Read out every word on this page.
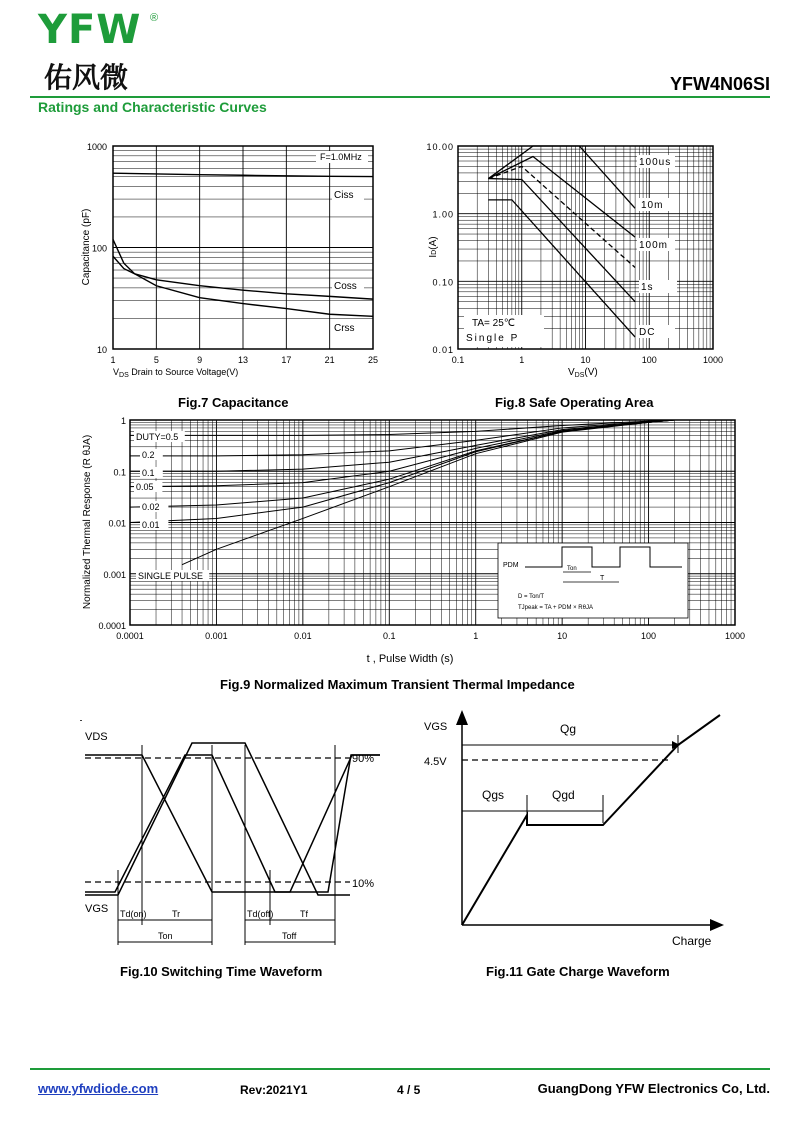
YFW ®
佑风微	YFW4N06SI
Ratings and Characteristic Curves
Capacitance (pF)
$V_{DS}$ Drain to Source Voltage(V)
1000
100
10
1	5	9	13	17	21	25
F=1.0MHz
Ciss
Coss
Crss
Fig.7 Capacitance
ID(A)
$V_{DS}(V)$
10.00
1.00
0.10
0.01
0.1	1	10	100	1000
100us
10m
100m
1s
DC
TA= 25℃
Single P
Fig.8 Safe Operating Area
Normalized Thermal Response (R θJA)
t , Pulse Width (s)
1
0.1
0.01
0.001
0.0001
0.0001	0.001	0.01	0.1	1	10	100	1000
DUTY=0.5
0.2
0.1
0.05
0.02
0.01
SINGLE PULSE
PDM	Ton
T
D = Ton/T
TJpeak = TA + PDM × RθJA
Fig.9 Normalized Maximum Transient Thermal Impedance
VDS
VGS
90%
10%
Td(on)	Tr
Ton
Td(off)	Tf
Toff
Fig.10 Switching Time Waveform
VGS
4.5V
Qg
Qgs	Qgd
Charge
Fig.11 Gate Charge Waveform
www.yfwdiode.com	Rev:2021Y1	4 / 5	GuangDong YFW Electronics Co, Ltd.
